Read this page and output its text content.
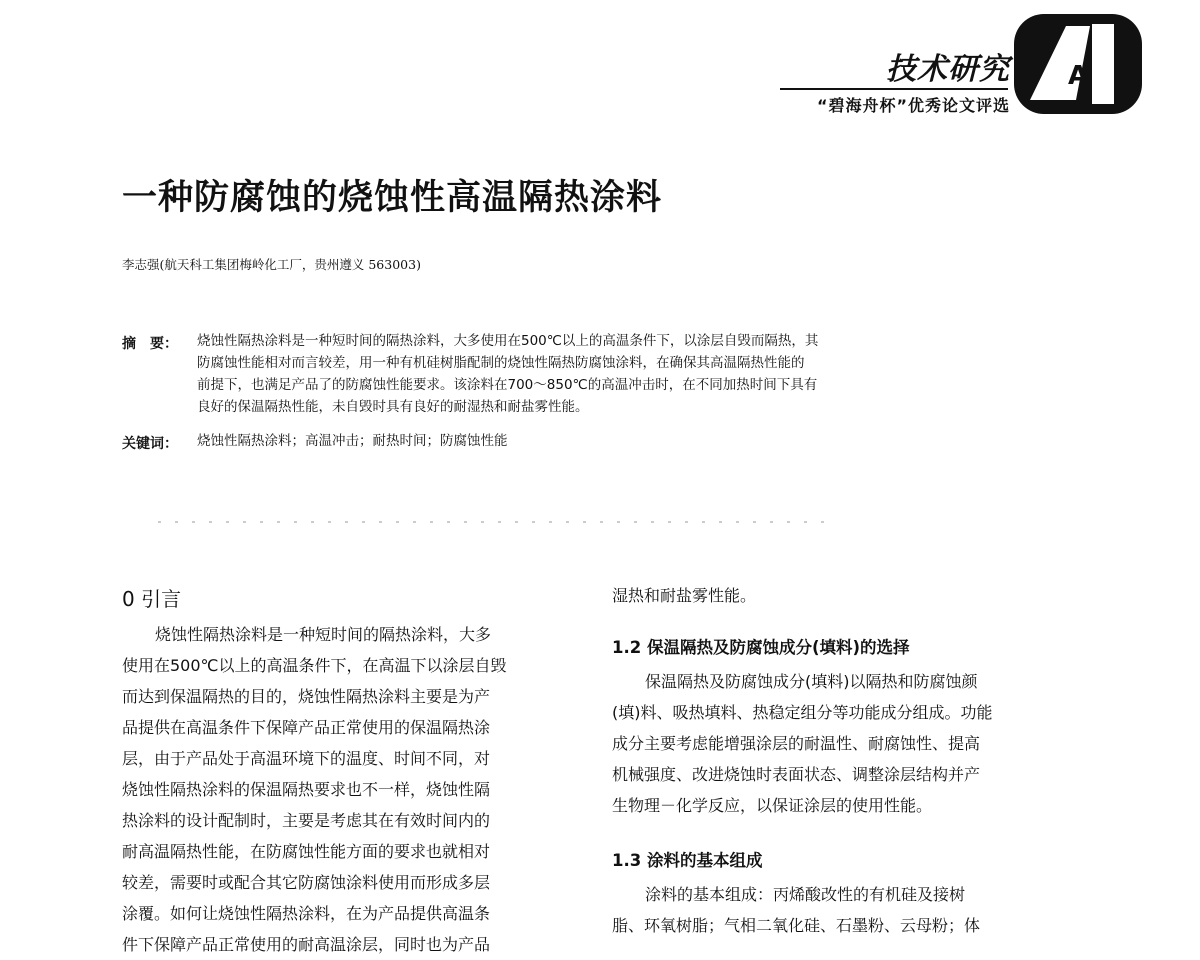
技术研究
“碧海舟杯”优秀论文评选
A
一种防腐蚀的烧蚀性高温隔热涂料
李志强(航天科工集团梅岭化工厂，贵州遵义 563003)
摘　要： 烧蚀性隔热涂料是一种短时间的隔热涂料，大多使用在500℃以上的高温条件下，以涂层自毁而隔热，其
防腐蚀性能相对而言较差，用一种有机硅树脂配制的烧蚀性隔热防腐蚀涂料，在确保其高温隔热性能的
前提下，也满足产品了的防腐蚀性能要求。该涂料在700～850℃的高温冲击时，在不同加热时间下具有
良好的保温隔热性能，未自毁时具有良好的耐湿热和耐盐雾性能。
关键词： 烧蚀性隔热涂料；高温冲击；耐热时间；防腐蚀性能
0 引言
烧蚀性隔热涂料是一种短时间的隔热涂料，大多
使用在500℃以上的高温条件下，在高温下以涂层自毁
而达到保温隔热的目的，烧蚀性隔热涂料主要是为产
品提供在高温条件下保障产品正常使用的保温隔热涂
层，由于产品处于高温环境下的温度、时间不同，对
烧蚀性隔热涂料的保温隔热要求也不一样，烧蚀性隔
热涂料的设计配制时，主要是考虑其在有效时间内的
耐高温隔热性能，在防腐蚀性能方面的要求也就相对
较差，需要时或配合其它防腐蚀涂料使用而形成多层
涂覆。如何让烧蚀性隔热涂料，在为产品提供高温条
件下保障产品正常使用的耐高温涂层，同时也为产品
湿热和耐盐雾性能。
1.2 保温隔热及防腐蚀成分(填料)的选择
保温隔热及防腐蚀成分(填料)以隔热和防腐蚀颜
(填)料、吸热填料、热稳定组分等功能成分组成。功能
成分主要考虑能增强涂层的耐温性、耐腐蚀性、提高
机械强度、改进烧蚀时表面状态、调整涂层结构并产
生物理－化学反应，以保证涂层的使用性能。
1.3 涂料的基本组成
涂料的基本组成：丙烯酸改性的有机硅及接树
脂、环氧树脂；气相二氧化硅、石墨粉、云母粉；体
